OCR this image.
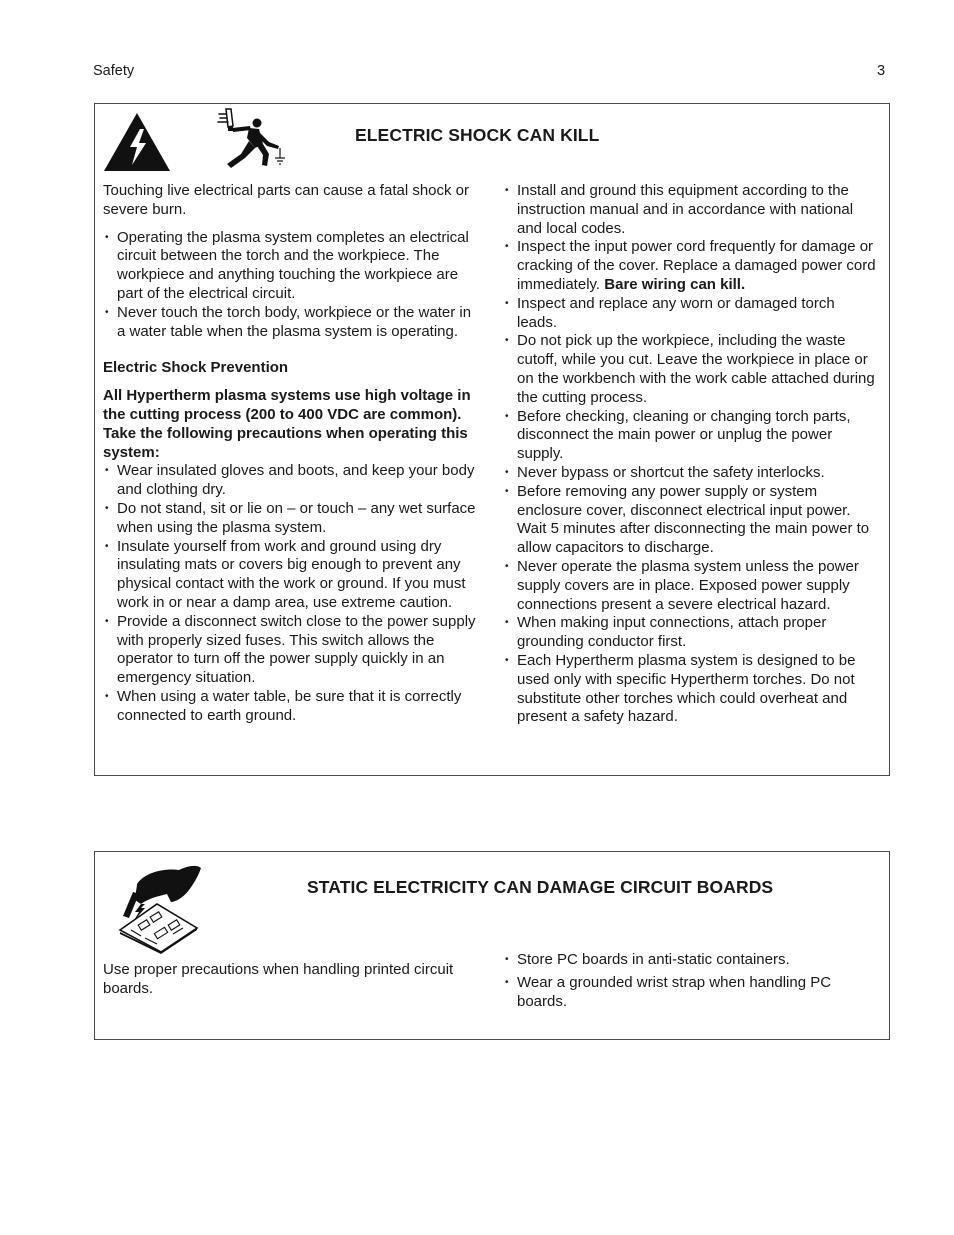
Safety	3
ELECTRIC SHOCK CAN KILL

Touching live electrical parts can cause a fatal shock or severe burn.

• Operating the plasma system completes an electrical circuit between the torch and the workpiece. The workpiece and anything touching the workpiece are part of the electrical circuit.
• Never touch the torch body, workpiece or the water in a water table when the plasma system is operating.

Electric Shock Prevention

All Hypertherm plasma systems use high voltage in the cutting process (200 to 400 VDC are common). Take the following precautions when operating this system:

• Wear insulated gloves and boots, and keep your body and clothing dry.
• Do not stand, sit or lie on – or touch – any wet surface when using the plasma system.
• Insulate yourself from work and ground using dry insulating mats or covers big enough to prevent any physical contact with the work or ground. If you must work in or near a damp area, use extreme caution.
• Provide a disconnect switch close to the power supply with properly sized fuses. This switch allows the operator to turn off the power supply quickly in an emergency situation.
• When using a water table, be sure that it is correctly connected to earth ground.
• Install and ground this equipment according to the instruction manual and in accordance with national and local codes.
• Inspect the input power cord frequently for damage or cracking of the cover. Replace a damaged power cord immediately. Bare wiring can kill.
• Inspect and replace any worn or damaged torch leads.
• Do not pick up the workpiece, including the waste cutoff, while you cut. Leave the workpiece in place or on the workbench with the work cable attached during the cutting process.
• Before checking, cleaning or changing torch parts, disconnect the main power or unplug the power supply.
• Never bypass or shortcut the safety interlocks.
• Before removing any power supply or system enclosure cover, disconnect electrical input power. Wait 5 minutes after disconnecting the main power to allow capacitors to discharge.
• Never operate the plasma system unless the power supply covers are in place. Exposed power supply connections present a severe electrical hazard.
• When making input connections, attach proper grounding conductor first.
• Each Hypertherm plasma system is designed to be used only with specific Hypertherm torches. Do not substitute other torches which could overheat and present a safety hazard.
STATIC ELECTRICITY CAN DAMAGE CIRCUIT BOARDS

Use proper precautions when handling printed circuit boards.

• Store PC boards in anti-static containers.
• Wear a grounded wrist strap when handling PC boards.
